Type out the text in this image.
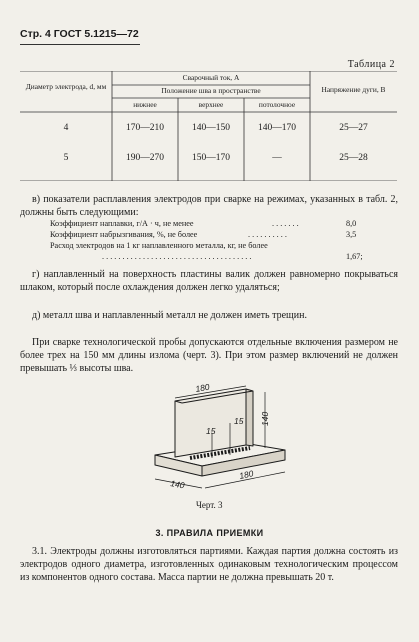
Стр. 4 ГОСТ 5.1215—72
Таблица 2
Диаметр электрода, d, мм
Сварочный ток, А
Положение шва в пространстве
нижнее	верхнее	потолочное
Напряжение дуги, В
4	170—210	140—150	140—170	25—27
5	190—270	150—170	—	25—28
в) показатели расплавления электродов при сварке на режимах, указанных в табл. 2, должны быть следующими:
Коэффициент наплавки, г/А · ч, не менее	. . . . . . .	8,0
Коэффициент набрызгивания, %, не более	. . . . . . . . . .	3,5
Расход электродов на 1 кг наплавленного металла, кг, не более
. . . . . . . . . . . . . . . . . . . . . . . . . . . . . . . . . . . . .	1,67;
г) наплавленный на поверхность пластины валик должен равномерно покрываться шлаком, который после охлаждения должен легко удаляться;
д) металл шва и наплавленный металл не должен иметь трещин.
При сварке технологической пробы допускаются отдельные включения размером не более трех на 150 мм длины излома (черт. 3). При этом размер включений не должен превышать ⅓ высоты шва.
180
15
15 140
140
180
Черт. 3
3. ПРАВИЛА ПРИЕМКИ
3.1. Электроды должны изготовляться партиями. Каждая партия должна состоять из электродов одного диаметра, изготовленных одинаковым технологическим процессом из компонентов одного состава. Масса партии не должна превышать 20 т.
